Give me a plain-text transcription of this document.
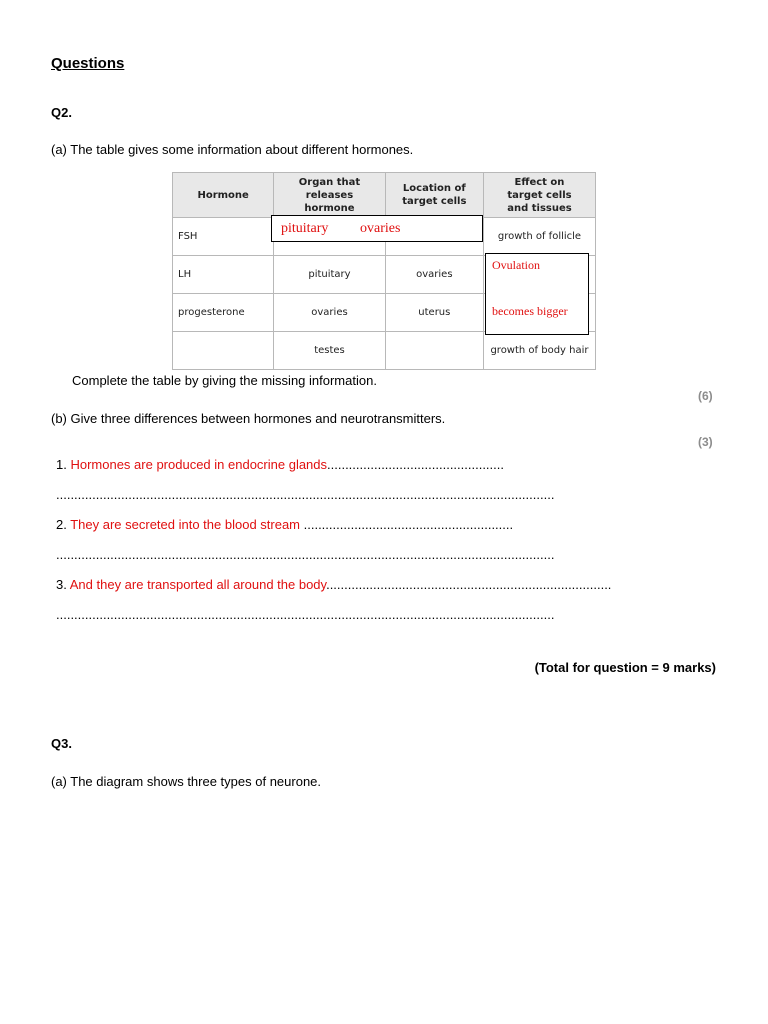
Questions
Q2.
(a) The table gives some information about different hormones.
Hormone	Organ that releases hormone	Location of target cells	Effect on target cells and tissues

FSH			growth of follicle
LH	pituitary	ovaries	
progesterone	ovaries	uterus	
	testes		growth of body hair
pituitary ovaries
Ovulation
becomes bigger
Complete the table by giving the missing information.
(6)
(b) Give three differences between hormones and neurotransmitters.
(3)
1. Hormones are produced in endocrine glands.................................................
..........................................................................................................................................
2. They are secreted into the blood stream ..........................................................
..........................................................................................................................................
3. And they are transported all around the body...............................................................................
..........................................................................................................................................
(Total for question = 9 marks)
Q3.
(a) The diagram shows three types of neurone.
